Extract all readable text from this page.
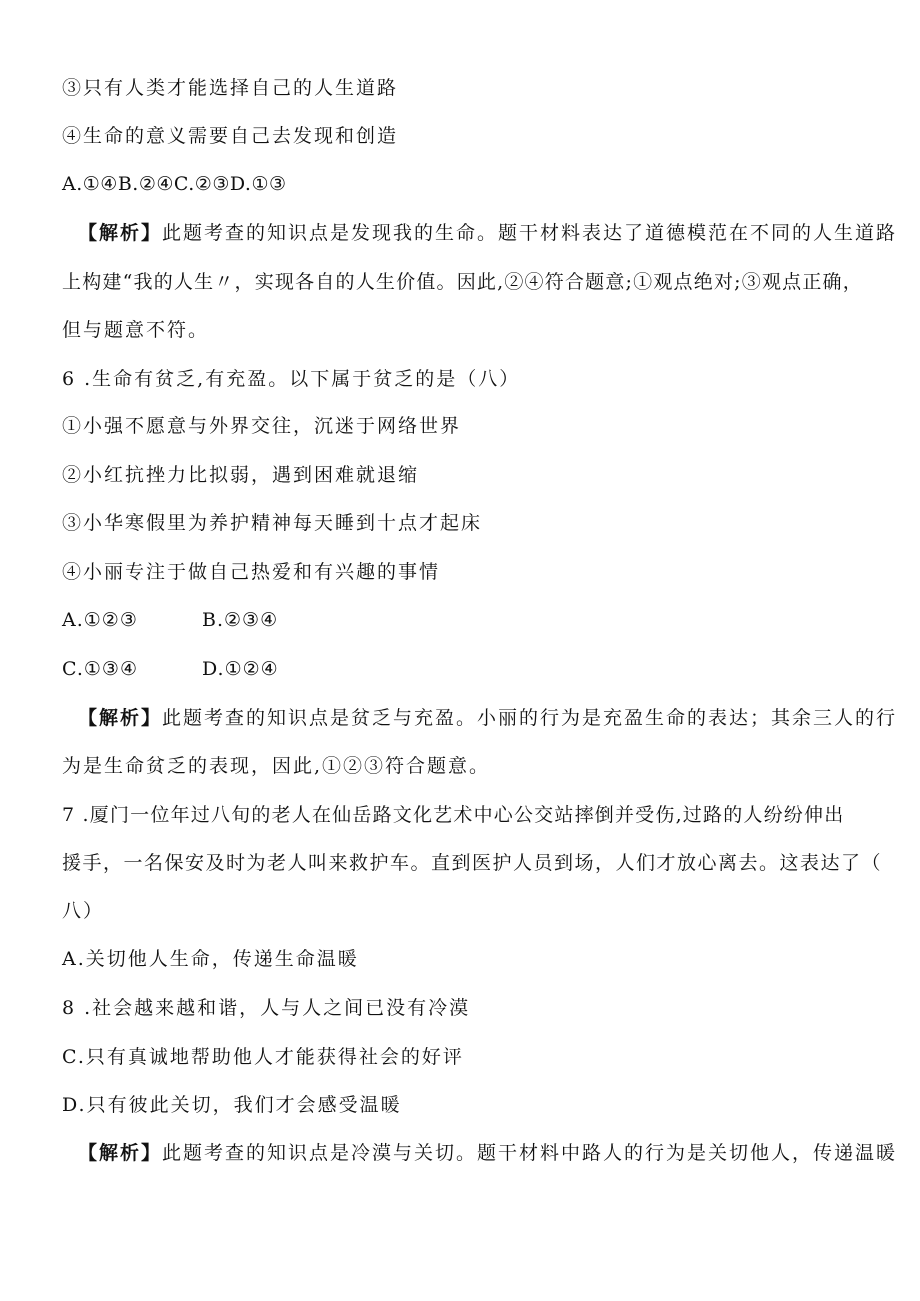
③只有人类才能选择自己的人生道路
④生命的意义需要自己去发现和创造
A.①④B.②④C.②③D.①③
【解析】此题考查的知识点是发现我的生命。题干材料表达了道德模范在不同的人生道路
上构建“我的人生〃，实现各自的人生价值。因此,②④符合题意;①观点绝对;③观点正确，
但与题意不符。
6 .生命有贫乏,有充盈。以下属于贫乏的是（八）
①小强不愿意与外界交往，沉迷于网络世界
②小红抗挫力比拟弱，遇到困难就退缩
③小华寒假里为养护精神每天睡到十点才起床
④小丽专注于做自己热爱和有兴趣的事情
A.①②③	B.②③④
C.①③④	D.①②④
【解析】此题考查的知识点是贫乏与充盈。小丽的行为是充盈生命的表达；其余三人的行
为是生命贫乏的表现，因此,①②③符合题意。
7 .厦门一位年过八旬的老人在仙岳路文化艺术中心公交站摔倒并受伤,过路的人纷纷伸出
援手，一名保安及时为老人叫来救护车。直到医护人员到场，人们才放心离去。这表达了（
八）
A.关切他人生命，传递生命温暖
8 .社会越来越和谐，人与人之间已没有冷漠
C.只有真诚地帮助他人才能获得社会的好评
D.只有彼此关切，我们才会感受温暖
【解析】此题考查的知识点是冷漠与关切。题干材料中路人的行为是关切他人，传递温暖
